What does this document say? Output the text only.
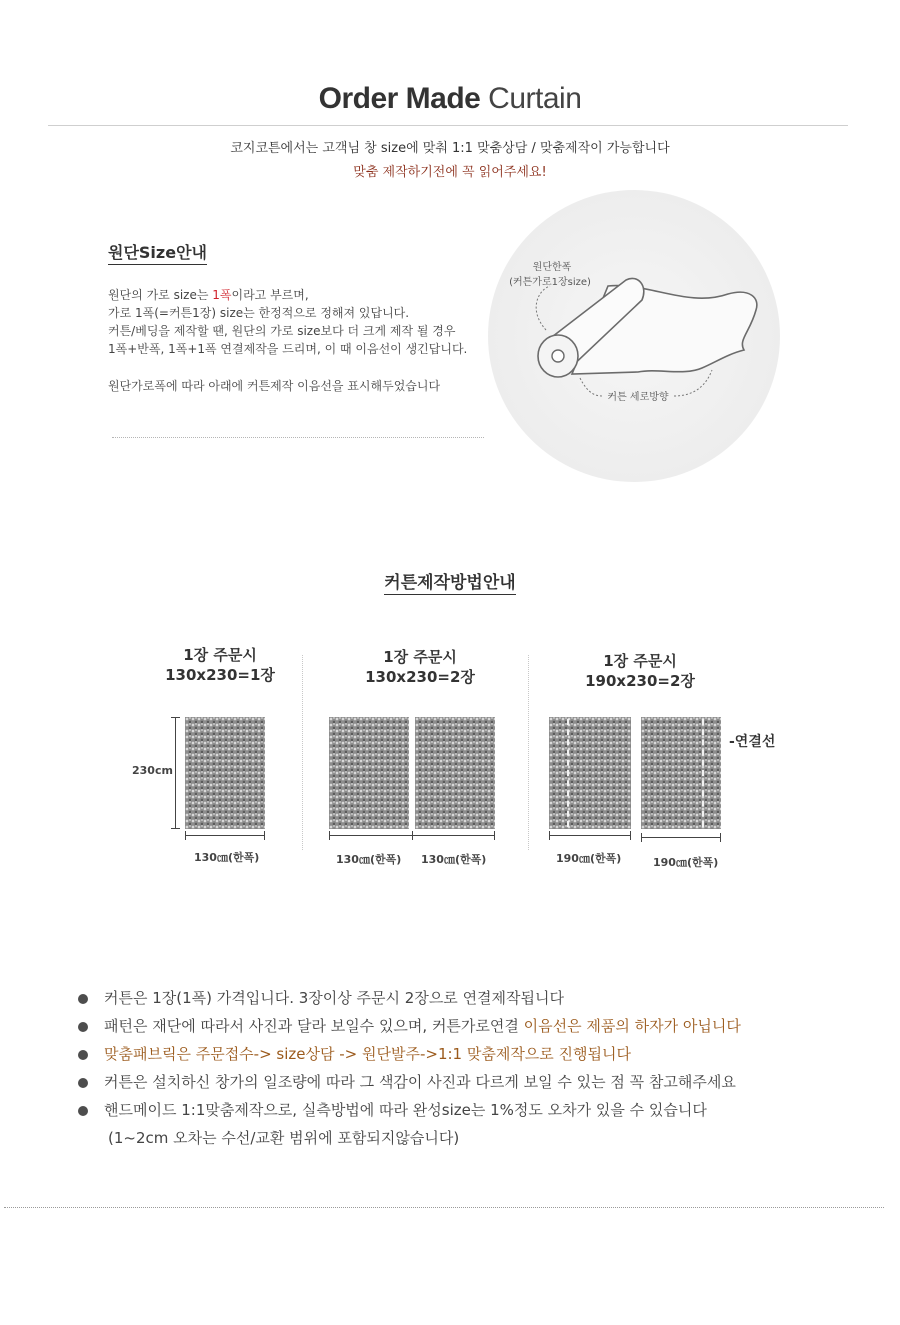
Order Made Curtain
코지코튼에서는 고객님 창 size에 맞춰 1:1 맞춤상담 / 맞춤제작이 가능합니다
맞춤 제작하기전에 꼭 읽어주세요!
원단Size안내
원단의 가로 size는 1폭이라고 부르며,
가로 1폭(=커튼1장) size는 한정적으로 정해져 있답니다.
커튼/베딩을 제작할 땐, 원단의 가로 size보다 더 크게 제작 될 경우
1폭+반폭, 1폭+1폭 연결제작을 드리며, 이 때 이음선이 생긴답니다.
원단가로폭에 따라 아래에 커튼제작 이음선을 표시해두었습니다
원단한폭
(커튼가로1장size)
커튼 세로방향
커튼제작방법안내
1장 주문시
130x230=1장
1장 주문시
130x230=2장
1장 주문시
190x230=2장
230cm
130㎝(한폭)	130㎝(한폭) 130㎝(한폭)	190㎝(한폭)	190㎝(한폭)
-연결선
커튼은 1장(1폭) 가격입니다. 3장이상 주문시 2장으로 연결제작됩니다
패턴은 재단에 따라서 사진과 달라 보일수 있으며, 커튼가로연결 이음선은 제품의 하자가 아닙니다
맞춤패브릭은 주문접수-> size상담 -> 원단발주->1:1 맞춤제작으로 진행됩니다
커튼은 설치하신 창가의 일조량에 따라 그 색감이 사진과 다르게 보일 수 있는 점 꼭 참고해주세요
핸드메이드 1:1맞춤제작으로, 실측방법에 따라 완성size는 1%정도 오차가 있을 수 있습니다
(1~2cm 오차는 수선/교환 범위에 포함되지않습니다)
